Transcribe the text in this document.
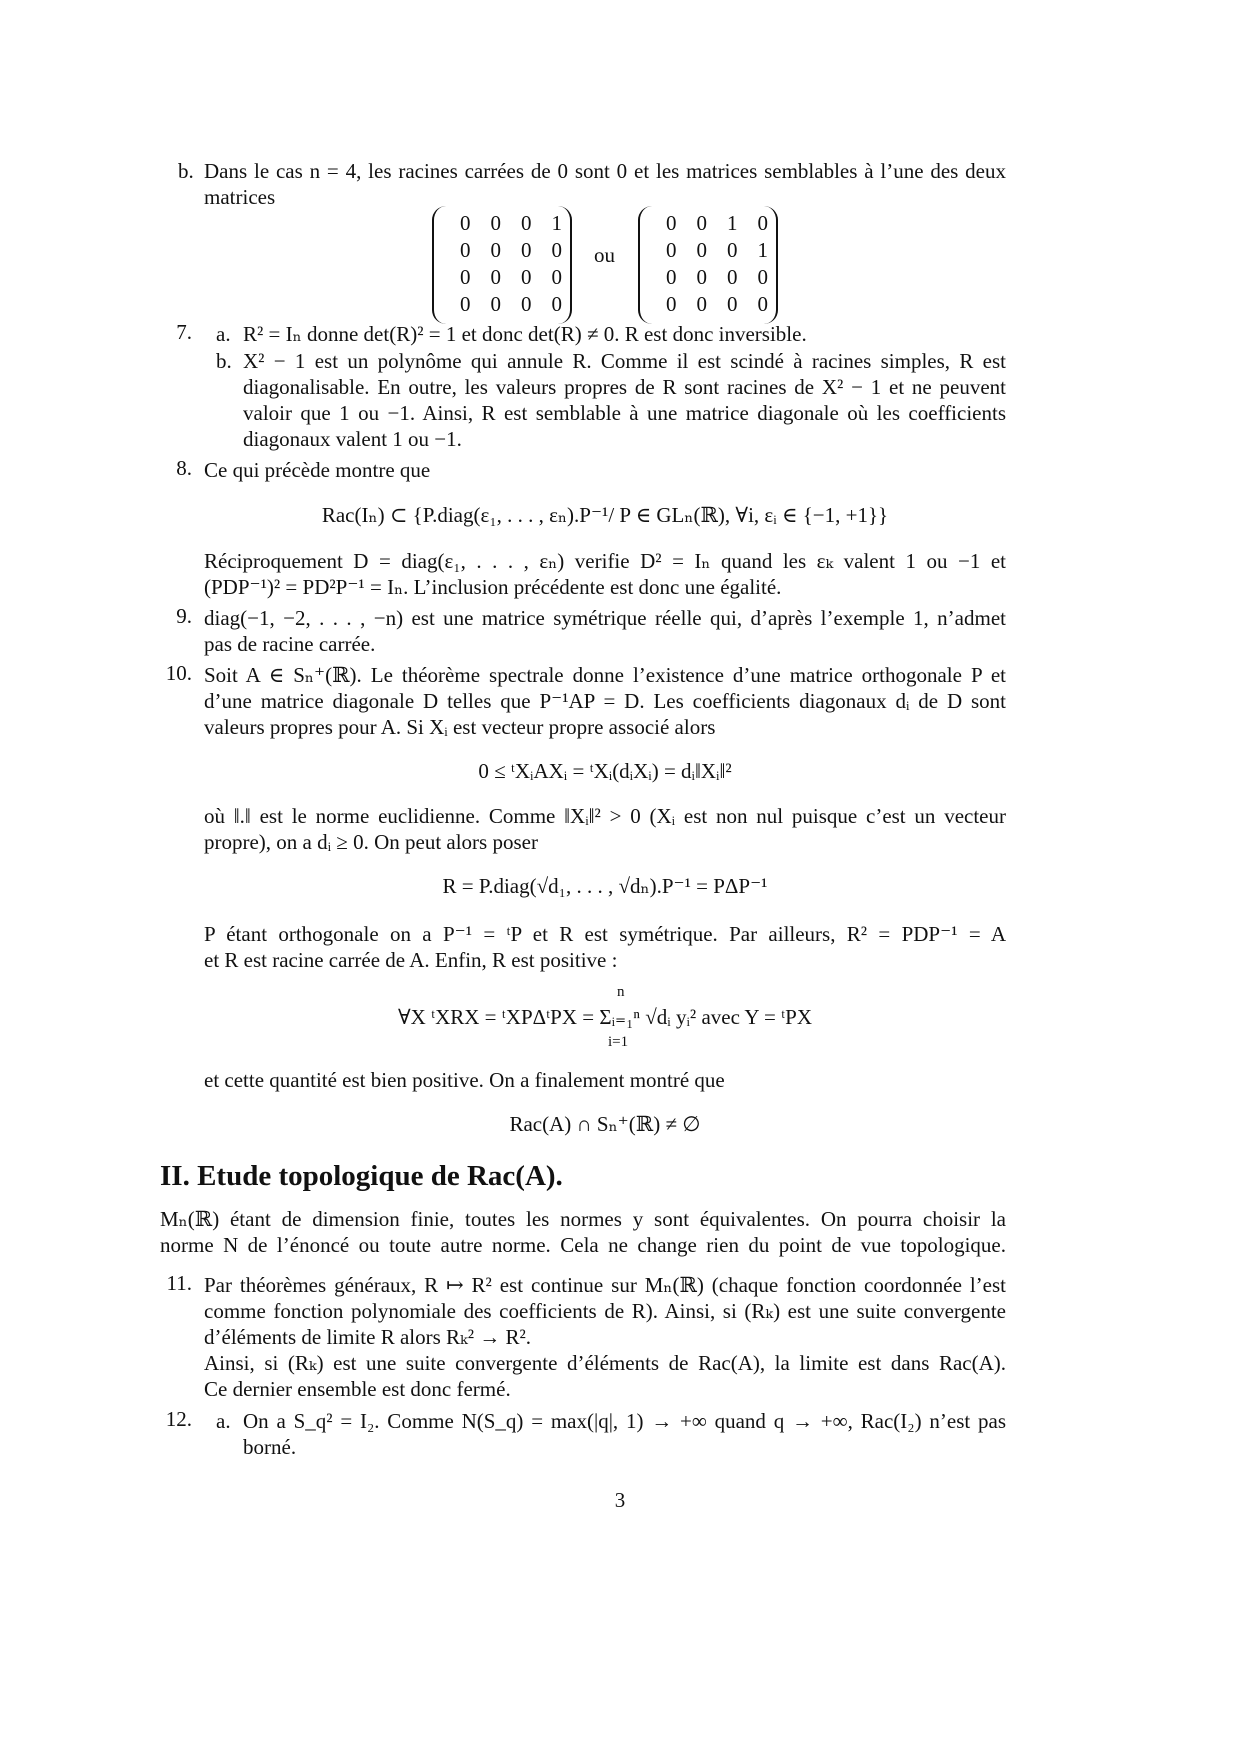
b. Dans le cas n = 4, les racines carrées de 0 sont 0 et les matrices semblables à l’une des deux
matrices
0	0	0	1
0	0	0	0
0	0	0	0
0	0	0	0
ou
0	0	1	0
0	0	0	1
0	0	0	0
0	0	0	0
7. a. R² = Iₙ donne det(R)² = 1 et donc det(R) ≠ 0. R est donc inversible.
b. X² − 1 est un polynôme qui annule R. Comme il est scindé à racines simples, R est
diagonalisable. En outre, les valeurs propres de R sont racines de X² − 1 et ne peuvent
valoir que 1 ou −1. Ainsi, R est semblable à une matrice diagonale où les coefficients
diagonaux valent 1 ou −1.
8. Ce qui précède montre que
Rac(Iₙ) ⊂ {P.diag(ε₁, . . . , εₙ).P⁻¹/ P ∈ GLₙ(ℝ), ∀i, εᵢ ∈ {−1, +1}}
Réciproquement D = diag(ε₁, . . . , εₙ) verifie D² = Iₙ quand les εₖ valent 1 ou −1 et
(PDP⁻¹)² = PD²P⁻¹ = Iₙ. L’inclusion précédente est donc une égalité.
9. diag(−1, −2, . . . , −n) est une matrice symétrique réelle qui, d’après l’exemple 1, n’admet
pas de racine carrée.
10. Soit A ∈ Sₙ⁺(ℝ). Le théorème spectrale donne l’existence d’une matrice orthogonale P et
d’une matrice diagonale D telles que P⁻¹AP = D. Les coefficients diagonaux dᵢ de D sont
valeurs propres pour A. Si Xᵢ est vecteur propre associé alors
0 ≤ ᵗXᵢAXᵢ = ᵗXᵢ(dᵢXᵢ) = dᵢ‖Xᵢ‖²
où ‖.‖ est le norme euclidienne. Comme ‖Xᵢ‖² > 0 (Xᵢ est non nul puisque c’est un vecteur
propre), on a dᵢ ≥ 0. On peut alors poser
R = P.diag(√d₁, . . . , √dₙ).P⁻¹ = PΔP⁻¹
P étant orthogonale on a P⁻¹ = ᵗP et R est symétrique. Par ailleurs, R² = PDP⁻¹ = A
et R est racine carrée de A. Enfin, R est positive :
n
∀X ᵗXRX = ᵗXPΔᵗPX = Σᵢ₌₁ⁿ √dᵢ yᵢ² avec Y = ᵗPX
i=1
et cette quantité est bien positive. On a finalement montré que
Rac(A) ∩ Sₙ⁺(ℝ) ≠ ∅
II. Etude topologique de Rac(A).
Mₙ(ℝ) étant de dimension finie, toutes les normes y sont équivalentes. On pourra choisir la
norme N de l’énoncé ou toute autre norme. Cela ne change rien du point de vue topologique.
11. Par théorèmes généraux, R ↦ R² est continue sur Mₙ(ℝ) (chaque fonction coordonnée l’est
comme fonction polynomiale des coefficients de R). Ainsi, si (Rₖ) est une suite convergente
d’éléments de limite R alors Rₖ² → R².
Ainsi, si (Rₖ) est une suite convergente d’éléments de Rac(A), la limite est dans Rac(A).
Ce dernier ensemble est donc fermé.
12. a. On a S_q² = I₂. Comme N(S_q) = max(|q|, 1) → +∞ quand q → +∞, Rac(I₂) n’est pas
borné.
3
